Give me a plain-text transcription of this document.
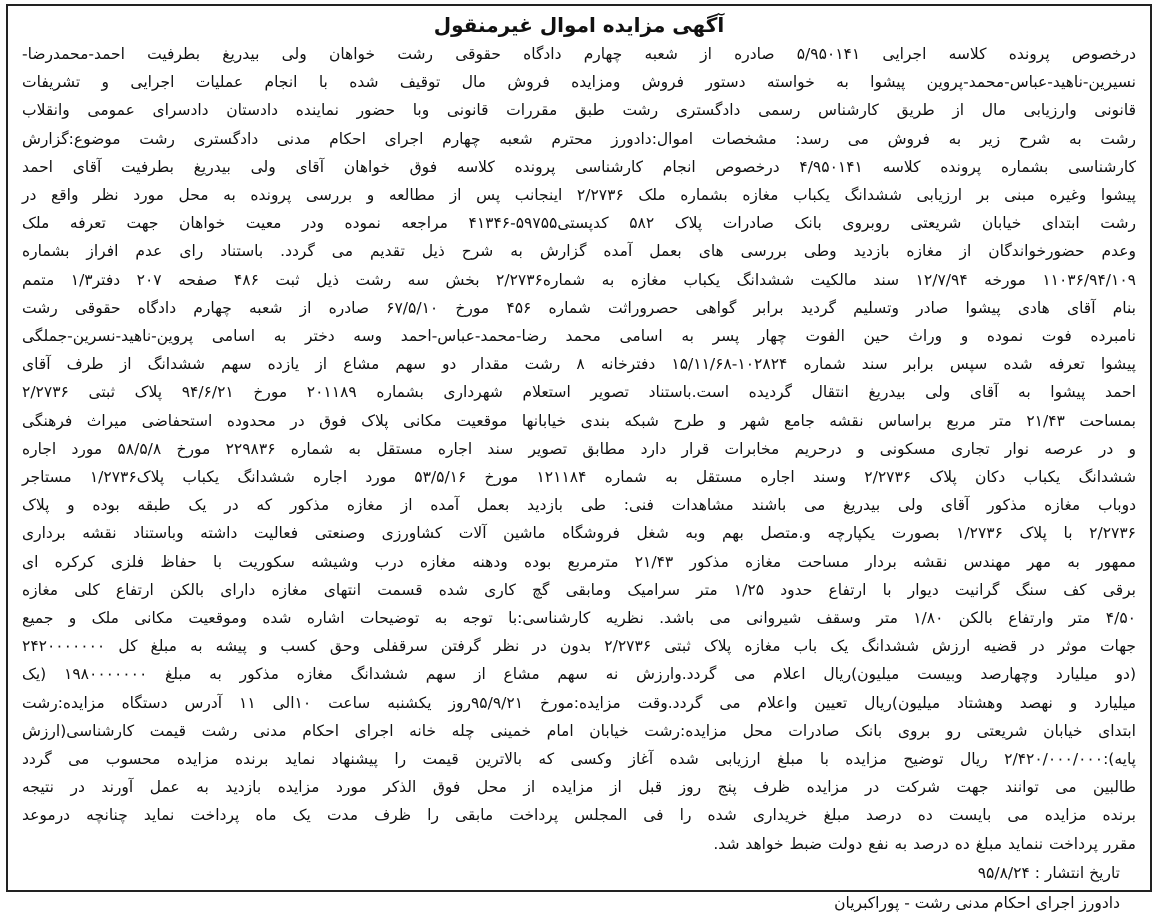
آگهی مزایده اموال غیرمنقول
درخصوص پرونده کلاسه اجرایی ۵/۹۵۰۱۴۱ صادره از شعبه چهارم دادگاه حقوقی رشت خواهان ولی بیدریغ بطرفیت احمد-محمدرضا-
نسیرین-ناهید-عباس-محمد-پروین پیشوا به خواسته دستور فروش ومزایده فروش مال توقیف شده با انجام عملیات اجرایی و تشریفات
قانونی وارزیابی مال از طریق کارشناس رسمی دادگستری رشت طبق مقررات قانونی وبا حضور نماینده دادستان دادسرای عمومی وانقلاب
رشت به شرح زیر به فروش می رسد: مشخصات اموال:دادورز محترم شعبه چهارم اجرای احکام مدنی دادگستری رشت موضوع:گزارش
کارشناسی بشماره پرونده کلاسه ۴/۹۵۰۱۴۱ درخصوص انجام کارشناسی پرونده کلاسه فوق خواهان آقای ولی بیدریغ بطرفیت آقای احمد
پیشوا وغیره مبنی بر ارزیابی ششدانگ یکباب مغازه بشماره ملک ۲/۲۷۳۶ اینجانب پس از مطالعه و بررسی پرونده به محل مورد نظر واقع در
رشت ابتدای خیابان شریعتی روبروی بانک صادرات پلاک ۵۸۲ کدپستی۵۹۷۵۵-۴۱۳۴۶ مراجعه نموده ودر معیت خواهان جهت تعرفه ملک
وعدم حضورخواندگان از مغازه بازدید وطی بررسی های بعمل آمده گزارش به شرح ذیل تقدیم می گردد. باستناد رای عدم افراز بشماره
۱۱۰۳۶/۹۴/۱۰۹ مورخه ۱۲/۷/۹۴ سند مالکیت ششدانگ یکباب مغازه به شماره۲/۲۷۳۶ بخش سه رشت ذیل ثبت ۴۸۶ صفحه ۲۰۷ دفتر۱/۳ متمم
بنام آقای هادی پیشوا صادر وتسلیم گردید برابر گواهی حصروراثت شماره ۴۵۶ مورخ ۶۷/۵/۱۰ صادره از شعبه چهارم دادگاه حقوقی رشت
نامبرده فوت نموده و وراث حین الفوت چهار پسر به اسامی محمد رضا-محمد-عباس-احمد وسه دختر به اسامی پروین-ناهید-نسرین-جملگی
پیشوا تعرفه شده سپس برابر سند شماره ۱۰۲۸۲۴-۱۵/۱۱/۶۸ دفترخانه ۸ رشت مقدار دو سهم مشاع از یازده سهم ششدانگ از طرف آقای
احمد پیشوا به آقای ولی بیدریغ انتقال گردیده است.باستناد تصویر استعلام شهرداری بشماره ۲۰۱۱۸۹ مورخ ۹۴/۶/۲۱ پلاک ثبتی ۲/۲۷۳۶
بمساحت ۲۱/۴۳ متر مربع براساس نقشه جامع شهر و طرح شبکه بندی خیابانها موقعیت مکانی پلاک فوق در محدوده استحفاضی میراث فرهنگی
و در عرصه نوار تجاری مسکونی و درحریم مخابرات قرار دارد مطابق تصویر سند اجاره مستقل به شماره ۲۲۹۸۳۶ مورخ ۵۸/۵/۸ مورد اجاره
ششدانگ یکباب دکان پلاک ۲/۲۷۳۶ وسند اجاره مستقل به شماره ۱۲۱۱۸۴ مورخ ۵۳/۵/۱۶ مورد اجاره ششدانگ یکباب پلاک۱/۲۷۳۶ مستاجر
دوباب مغازه مذکور آقای ولی بیدریغ می باشند مشاهدات فنی: طی بازدید بعمل آمده از مغازه مذکور که در یک طبقه بوده و پلاک
۲/۲۷۳۶ با پلاک ۱/۲۷۳۶ بصورت یکپارچه و.متصل بهم وبه شغل فروشگاه ماشین آلات کشاورزی وصنعتی فعالیت داشته وباستناد نقشه برداری
ممهور به مهر مهندس نقشه بردار مساحت مغازه مذکور ۲۱/۴۳ مترمربع بوده ودهنه مغازه درب وشیشه سکوریت با حفاظ فلزی کرکره ای
برقی کف سنگ گرانیت دیوار با ارتفاع حدود ۱/۲۵ متر سرامیک ومابقی گچ کاری شده قسمت انتهای مغازه دارای بالکن ارتفاع کلی مغازه
۴/۵۰ متر وارتفاع بالکن ۱/۸۰ متر وسقف شیروانی می باشد. نظریه کارشناسی:با توجه به توضیحات اشاره شده وموقعیت مکانی ملک و جمیع
جهات موثر در قضیه ارزش ششدانگ یک باب مغازه پلاک ثبتی ۲/۲۷۳۶ بدون در نظر گرفتن سرقفلی وحق کسب و پیشه به مبلغ کل ۲۴۲۰۰۰۰۰۰۰
(دو میلیارد وچهارصد وبیست میلیون)ریال اعلام می گردد.وارزش نه سهم مشاع از سهم ششدانگ مغازه مذکور به مبلغ ۱۹۸۰۰۰۰۰۰۰ (یک
میلیارد و نهصد وهشتاد میلیون)ریال تعیین واعلام می گردد.وقت مزایده:مورخ ۹۵/۹/۲۱روز یکشنبه ساعت ۱۰الی ۱۱ آدرس دستگاه مزایده:رشت
ابتدای خیابان شریعتی رو بروی بانک صادرات محل مزایده:رشت خیابان امام خمینی چله خانه اجرای احکام مدنی رشت قیمت کارشناسی(ارزش
پایه):۲/۴۲۰/۰۰۰/۰۰۰ ریال توضیح مزایده با مبلغ ارزیابی شده آغاز وکسی که بالاترین قیمت را پیشنهاد نماید برنده مزایده محسوب می گردد
طالبین می توانند جهت شرکت در مزایده ظرف پنج روز قبل از مزایده از محل فوق الذکر مورد مزایده بازدید به عمل آورند در نتیجه
برنده مزایده می بایست ده درصد مبلغ خریداری شده را فی المجلس پرداخت مابقی را ظرف مدت یک ماه پرداخت نماید چنانچه درموعد
مقرر پرداخت ننماید مبلغ ده درصد به نفع دولت ضبط خواهد شد.
تاریخ انتشار : ۹۵/۸/۲۴
دادورز اجرای احکام مدنی رشت - پوراکبریان
